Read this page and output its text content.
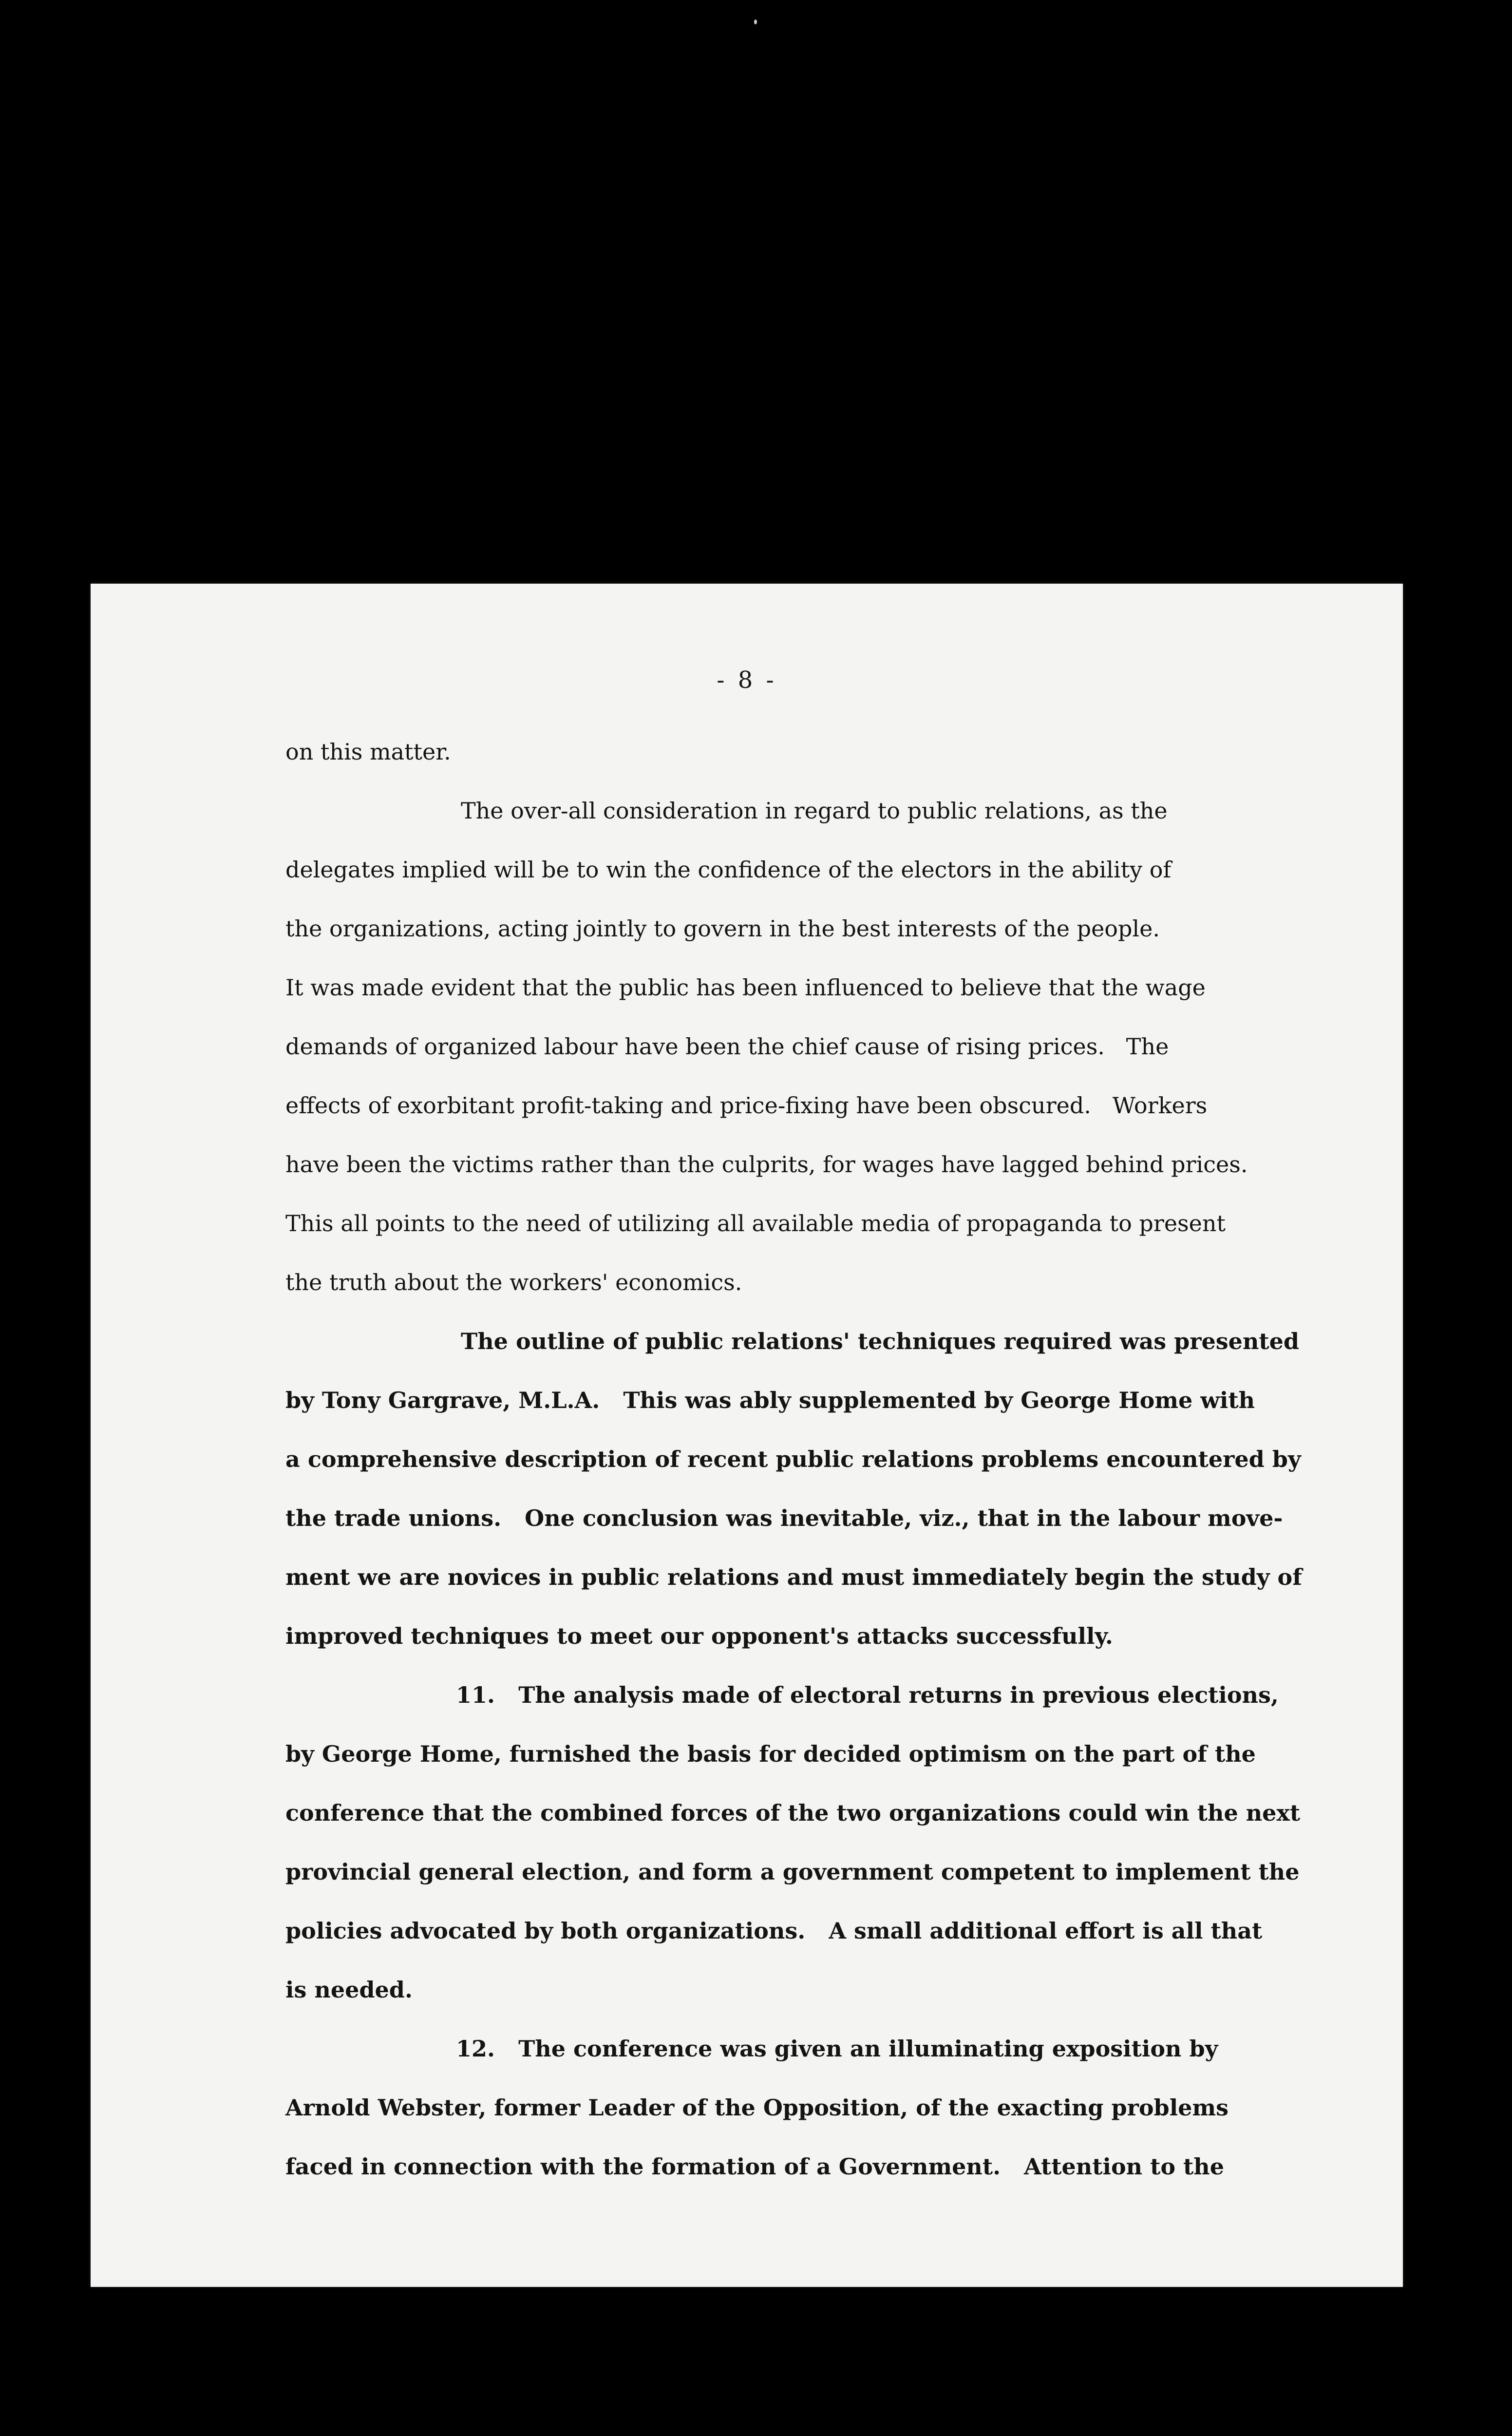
- 8 -
on this matter.
The over-all consideration in regard to public relations, as the
delegates implied will be to win the confidence of the electors in the ability of
the organizations, acting jointly to govern in the best interests of the people.
It was made evident that the public has been influenced to believe that the wage
demands of organized labour have been the chief cause of rising prices.   The
effects of exorbitant profit-taking and price-fixing have been obscured.   Workers
have been the victims rather than the culprits, for wages have lagged behind prices.
This all points to the need of utilizing all available media of propaganda to present
the truth about the workers' economics.
The outline of public relations' techniques required was presented
by Tony Gargrave, M.L.A.   This was ably supplemented by George Home with
a comprehensive description of recent public relations problems encountered by
the trade unions.   One conclusion was inevitable, viz., that in the labour move-
ment we are novices in public relations and must immediately begin the study of
improved techniques to meet our opponent's attacks successfully.
11.   The analysis made of electoral returns in previous elections,
by George Home, furnished the basis for decided optimism on the part of the
conference that the combined forces of the two organizations could win the next
provincial general election, and form a government competent to implement the
policies advocated by both organizations.   A small additional effort is all that
is needed.
12.   The conference was given an illuminating exposition by
Arnold Webster, former Leader of the Opposition, of the exacting problems
faced in connection with the formation of a Government.   Attention to the
